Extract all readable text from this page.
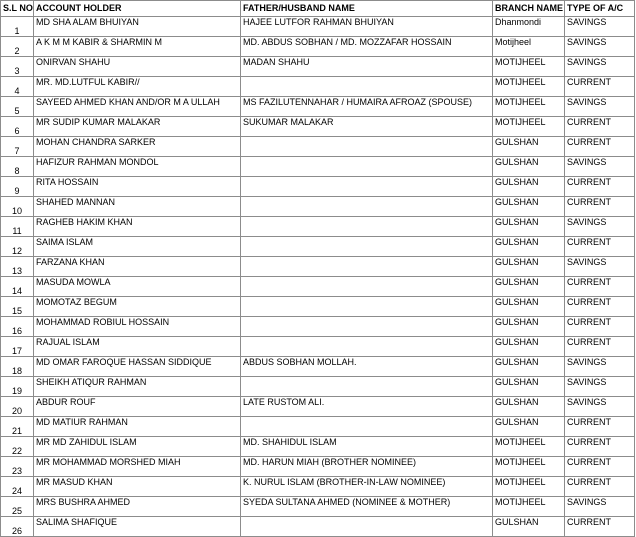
S.L NO	ACCOUNT HOLDER	FATHER/HUSBAND NAME	BRANCH NAME	TYPE OF A/C
1	MD SHA ALAM BHUIYAN	HAJEE LUTFOR RAHMAN BHUIYAN	Dhanmondi	SAVINGS
2	A K M M KABIR & SHARMIN M	MD. ABDUS SOBHAN / MD. MOZZAFAR HOSSAIN	Motijheel	SAVINGS
3	ONIRVAN SHAHU	MADAN SHAHU	MOTIJHEEL	SAVINGS
4	MR. MD.LUTFUL KABIR//		MOTIJHEEL	CURRENT
5	SAYEED AHMED KHAN AND/OR M A ULLAH	MS FAZILUTENNAHAR / HUMAIRA AFROAZ (SPOUSE)	MOTIJHEEL	SAVINGS
6	MR SUDIP KUMAR MALAKAR	SUKUMAR MALAKAR	MOTIJHEEL	CURRENT
7	MOHAN CHANDRA SARKER		GULSHAN	CURRENT
8	HAFIZUR RAHMAN MONDOL		GULSHAN	SAVINGS
9	RITA HOSSAIN		GULSHAN	CURRENT
10	SHAHED MANNAN		GULSHAN	CURRENT
11	RAGHEB HAKIM KHAN		GULSHAN	SAVINGS
12	SAIMA ISLAM		GULSHAN	CURRENT
13	FARZANA KHAN		GULSHAN	SAVINGS
14	MASUDA MOWLA		GULSHAN	CURRENT
15	MOMOTAZ BEGUM		GULSHAN	CURRENT
16	MOHAMMAD ROBIUL HOSSAIN		GULSHAN	CURRENT
17	RAJUAL ISLAM		GULSHAN	CURRENT
18	MD OMAR FAROQUE HASSAN SIDDIQUE	ABDUS SOBHAN MOLLAH.	GULSHAN	SAVINGS
19	SHEIKH ATIQUR RAHMAN		GULSHAN	SAVINGS
20	ABDUR ROUF	LATE RUSTOM ALI.	GULSHAN	SAVINGS
21	MD MATIUR RAHMAN		GULSHAN	CURRENT
22	MR MD ZAHIDUL ISLAM	MD. SHAHIDUL ISLAM	MOTIJHEEL	CURRENT
23	MR MOHAMMAD MORSHED MIAH	MD. HARUN MIAH (BROTHER NOMINEE)	MOTIJHEEL	CURRENT
24	MR MASUD KHAN	K. NURUL ISLAM (BROTHER-IN-LAW NOMINEE)	MOTIJHEEL	CURRENT
25	MRS BUSHRA AHMED	SYEDA SULTANA AHMED (NOMINEE & MOTHER)	MOTIJHEEL	SAVINGS
26	SALIMA SHAFIQUE		GULSHAN	CURRENT
